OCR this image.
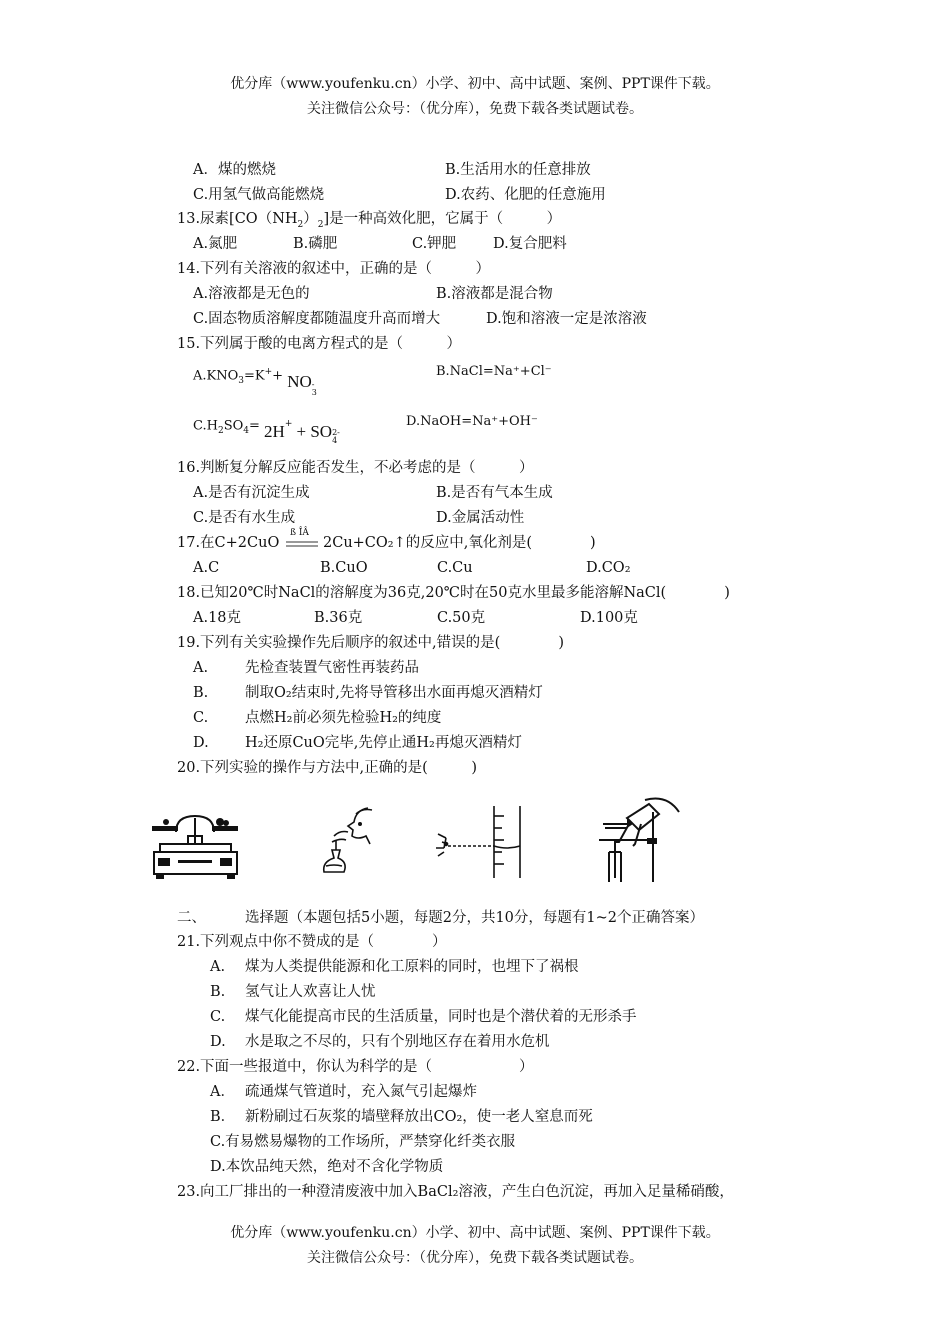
优分库（www.youfenku.cn）小学、初中、高中试题、案例、PPT课件下载。
关注微信公众号：（优分库），免费下载各类试题试卷。
A．煤的燃烧	B.生活用水的任意排放
C.用氢气做高能燃烧	D.农药、化肥的任意施用
13.尿素$[CO(NH_2)_2]$是一种高效化肥，它属于（　　　）
A.氮肥	B.磷肥	C.钾肥	D.复合肥料
14.下列有关溶液的叙述中，正确的是（　　　）
A.溶液都是无色的	B.溶液都是混合物
C.固态物质溶解度都随温度升高而增大	D.饱和溶液一定是浓溶液
15.下列属于酸的电离方程式的是（　　　）
$A.KNO_3=K^++$ NO -
3
B.NaCl=Na⁺+Cl⁻
$C.H_2SO_4= 2H^+$ + SO 2-
4
D.NaOH=Na⁺+OH⁻
16.判断复分解反应能否发生，不必考虑的是（　　　）
A.是否有沉淀生成	B.是否有气本生成
C.是否有水生成	D.金属活动性
17.在C+2CuO
ß ÎÂ
2Cu+CO₂↑的反应中,氧化剂是(　　　　)
A.C	B.CuO	C.Cu	D.CO₂
18.已知20℃时NaCl的溶解度为36克,20℃时在50克水里最多能溶解NaCl(　　　　)
A.18克	B.36克	C.50克	D.100克
19.下列有关实验操作先后顺序的叙述中,错误的是(　　　　)
A.	先检查装置气密性再装药品
B.	制取O₂结束时,先将导管移出水面再熄灭酒精灯
C.	点燃H₂前必须先检验H₂的纯度
D.	H₂还原CuO完毕,先停止通H₂再熄灭酒精灯
20.下列实验的操作与方法中,正确的是(　　　)
二、	选择题（本题包括5小题，每题2分，共10分，每题有1~2个正确答案）
21.下列观点中你不赞成的是（　　　　）
A. 煤为人类提供能源和化工原料的同时，也埋下了祸根
B. 氢气让人欢喜让人忧
C. 煤气化能提高市民的生活质量，同时也是个潜伏着的无形杀手
D. 水是取之不尽的，只有个别地区存在着用水危机
22.下面一些报道中，你认为科学的是（　　　　　　）
A． 疏通煤气管道时，充入氮气引起爆炸
B． 新粉刷过石灰浆的墙壁释放出CO₂，使一老人窒息而死
C.有易燃易爆物的工作场所，严禁穿化纤类衣服
D.本饮品纯天然，绝对不含化学物质
23.向工厂排出的一种澄清废液中加入BaCl₂溶液，产生白色沉淀，再加入足量稀硝酸，
优分库（www.youfenku.cn）小学、初中、高中试题、案例、PPT课件下载。
关注微信公众号：（优分库），免费下载各类试题试卷。
